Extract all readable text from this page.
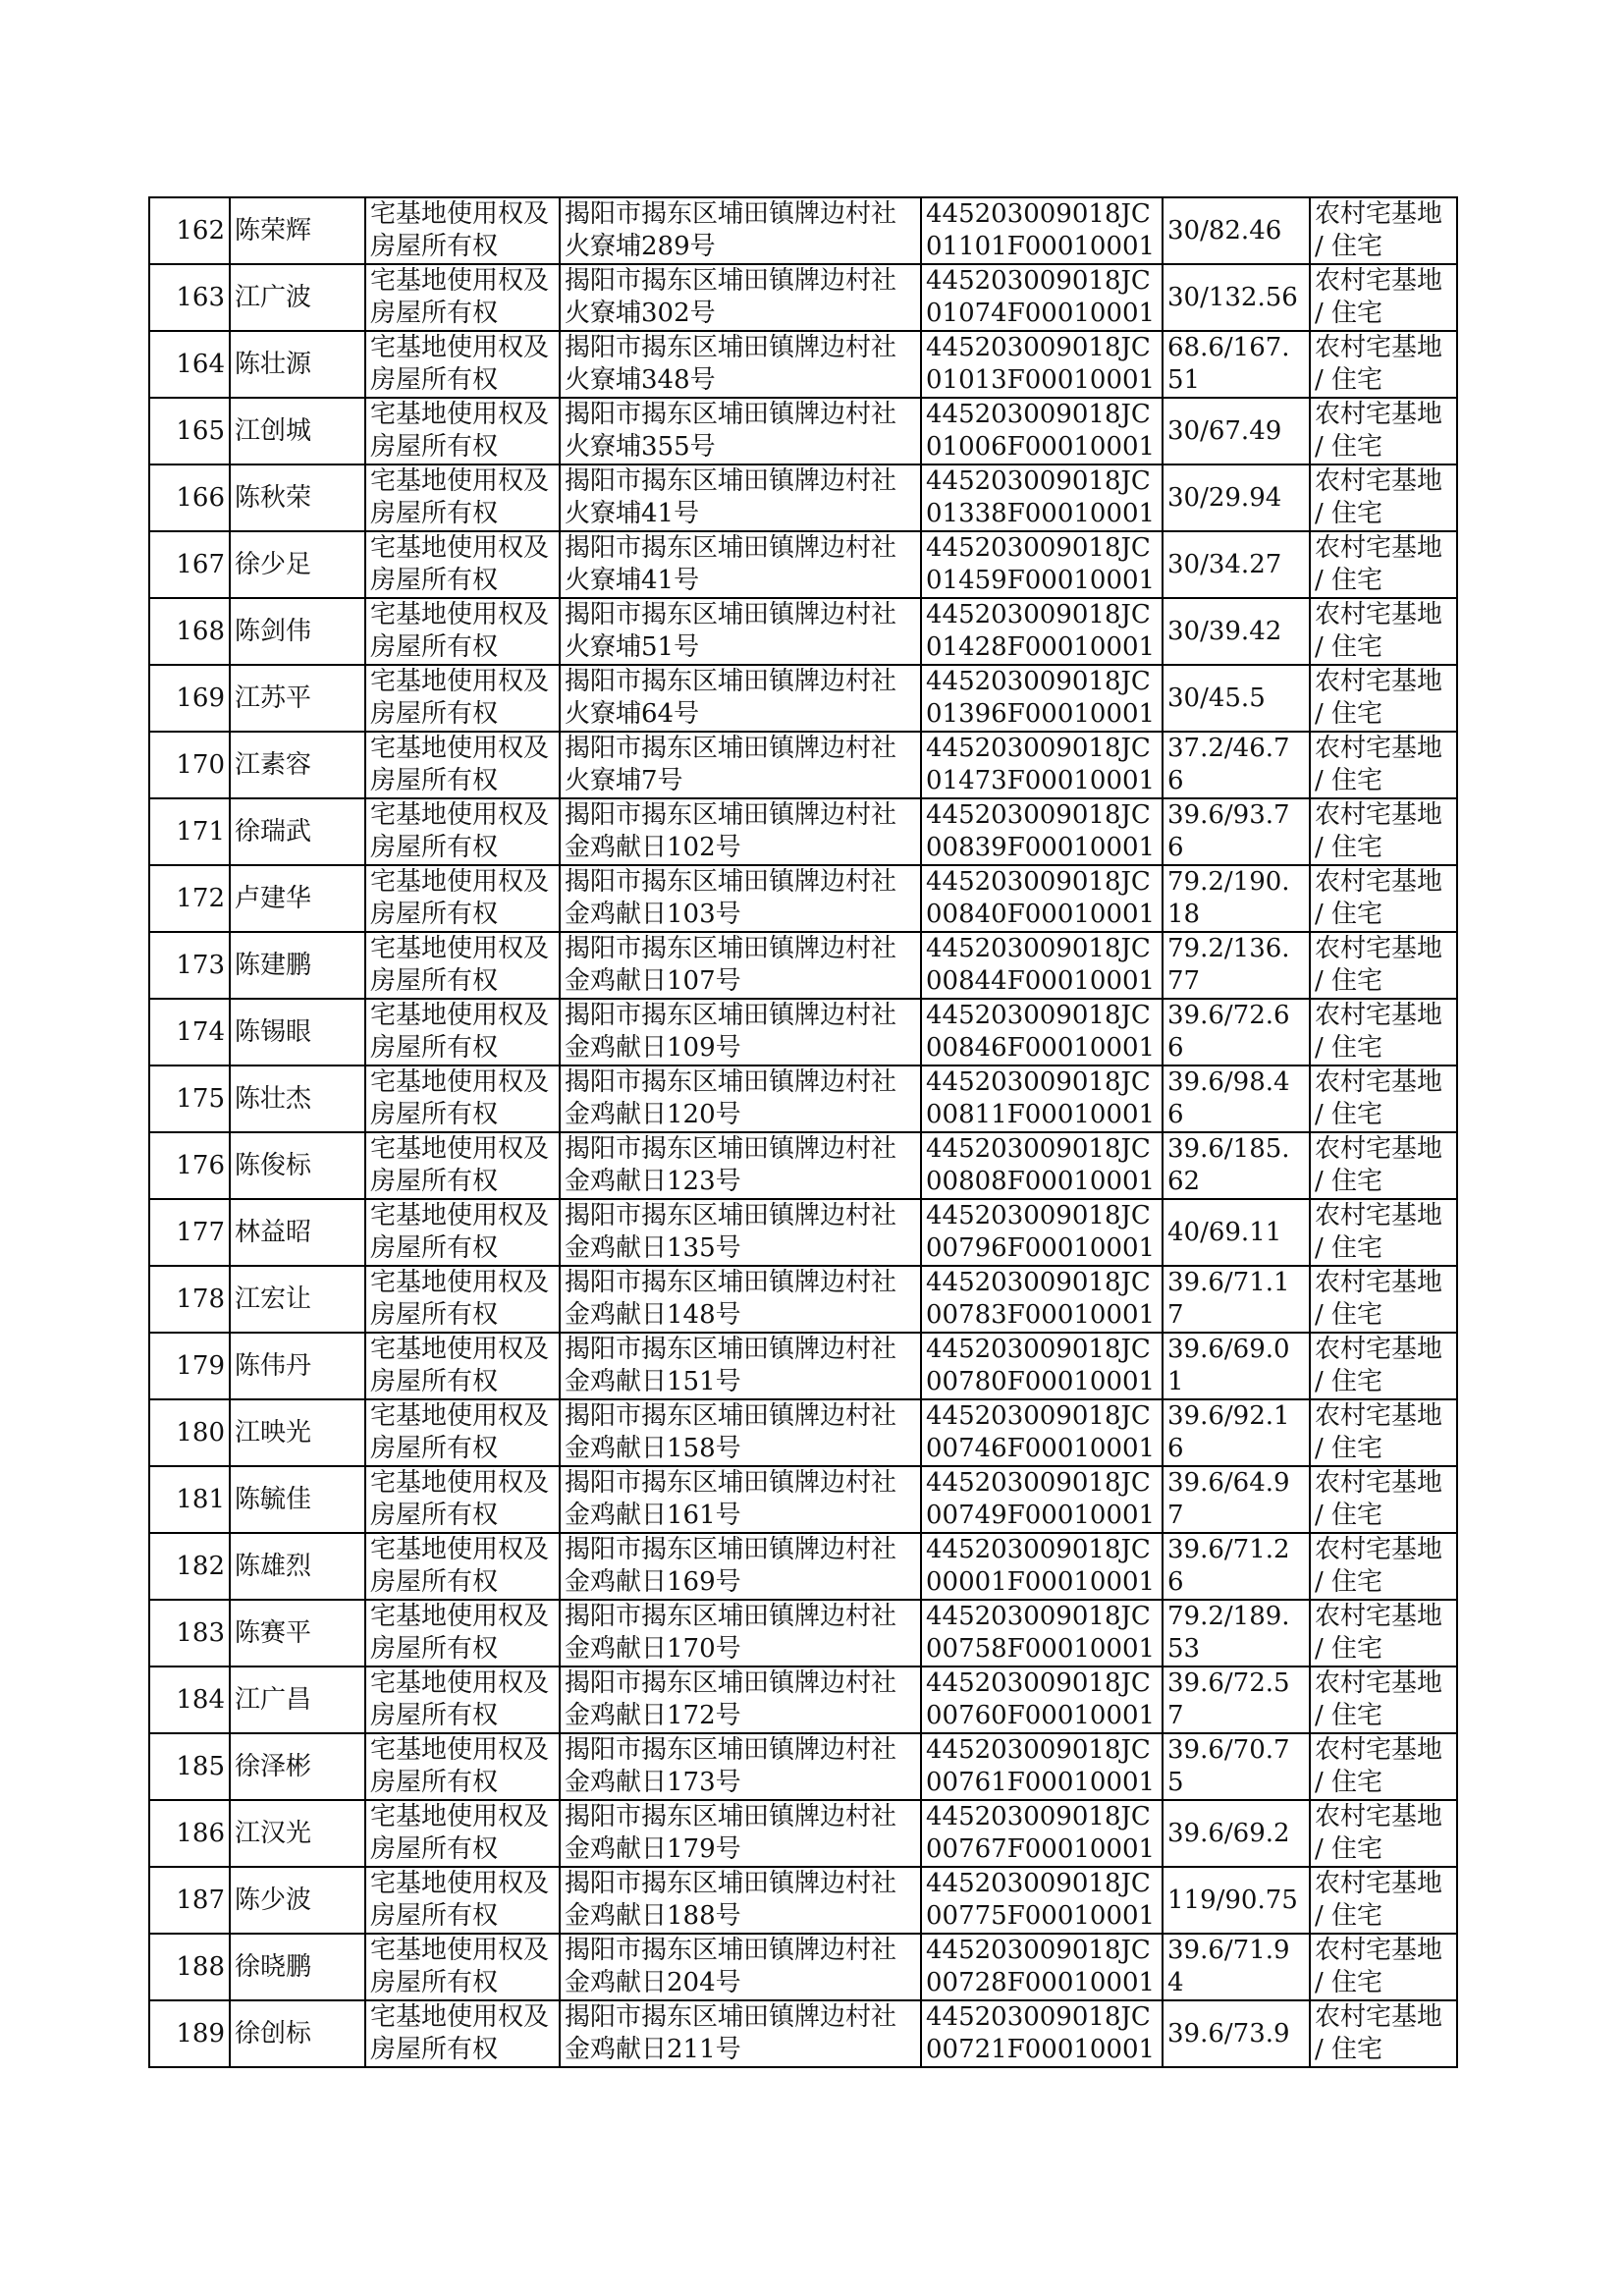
162	陈荣辉	宅基地使用权及房屋所有权	揭阳市揭东区埔田镇牌边村社火寮埔289号	445203009018JC01101F00010001	30/82.46	农村宅基地 / 住宅
163	江广波	宅基地使用权及房屋所有权	揭阳市揭东区埔田镇牌边村社火寮埔302号	445203009018JC01074F00010001	30/132.56	农村宅基地 / 住宅
164	陈壮源	宅基地使用权及房屋所有权	揭阳市揭东区埔田镇牌边村社火寮埔348号	445203009018JC01013F00010001	68.6/167.51	农村宅基地 / 住宅
165	江创城	宅基地使用权及房屋所有权	揭阳市揭东区埔田镇牌边村社火寮埔355号	445203009018JC01006F00010001	30/67.49	农村宅基地 / 住宅
166	陈秋荣	宅基地使用权及房屋所有权	揭阳市揭东区埔田镇牌边村社火寮埔41号	445203009018JC01338F00010001	30/29.94	农村宅基地 / 住宅
167	徐少足	宅基地使用权及房屋所有权	揭阳市揭东区埔田镇牌边村社火寮埔41号	445203009018JC01459F00010001	30/34.27	农村宅基地 / 住宅
168	陈剑伟	宅基地使用权及房屋所有权	揭阳市揭东区埔田镇牌边村社火寮埔51号	445203009018JC01428F00010001	30/39.42	农村宅基地 / 住宅
169	江苏平	宅基地使用权及房屋所有权	揭阳市揭东区埔田镇牌边村社火寮埔64号	445203009018JC01396F00010001	30/45.5	农村宅基地 / 住宅
170	江素容	宅基地使用权及房屋所有权	揭阳市揭东区埔田镇牌边村社火寮埔7号	445203009018JC01473F00010001	37.2/46.76	农村宅基地 / 住宅
171	徐瑞武	宅基地使用权及房屋所有权	揭阳市揭东区埔田镇牌边村社金鸡献日102号	445203009018JC00839F00010001	39.6/93.76	农村宅基地 / 住宅
172	卢建华	宅基地使用权及房屋所有权	揭阳市揭东区埔田镇牌边村社金鸡献日103号	445203009018JC00840F00010001	79.2/190.18	农村宅基地 / 住宅
173	陈建鹏	宅基地使用权及房屋所有权	揭阳市揭东区埔田镇牌边村社金鸡献日107号	445203009018JC00844F00010001	79.2/136.77	农村宅基地 / 住宅
174	陈锡眼	宅基地使用权及房屋所有权	揭阳市揭东区埔田镇牌边村社金鸡献日109号	445203009018JC00846F00010001	39.6/72.66	农村宅基地 / 住宅
175	陈壮杰	宅基地使用权及房屋所有权	揭阳市揭东区埔田镇牌边村社金鸡献日120号	445203009018JC00811F00010001	39.6/98.46	农村宅基地 / 住宅
176	陈俊标	宅基地使用权及房屋所有权	揭阳市揭东区埔田镇牌边村社金鸡献日123号	445203009018JC00808F00010001	39.6/185.62	农村宅基地 / 住宅
177	林益昭	宅基地使用权及房屋所有权	揭阳市揭东区埔田镇牌边村社金鸡献日135号	445203009018JC00796F00010001	40/69.11	农村宅基地 / 住宅
178	江宏让	宅基地使用权及房屋所有权	揭阳市揭东区埔田镇牌边村社金鸡献日148号	445203009018JC00783F00010001	39.6/71.17	农村宅基地 / 住宅
179	陈伟丹	宅基地使用权及房屋所有权	揭阳市揭东区埔田镇牌边村社金鸡献日151号	445203009018JC00780F00010001	39.6/69.01	农村宅基地 / 住宅
180	江映光	宅基地使用权及房屋所有权	揭阳市揭东区埔田镇牌边村社金鸡献日158号	445203009018JC00746F00010001	39.6/92.16	农村宅基地 / 住宅
181	陈毓佳	宅基地使用权及房屋所有权	揭阳市揭东区埔田镇牌边村社金鸡献日161号	445203009018JC00749F00010001	39.6/64.97	农村宅基地 / 住宅
182	陈雄烈	宅基地使用权及房屋所有权	揭阳市揭东区埔田镇牌边村社金鸡献日169号	445203009018JC00001F00010001	39.6/71.26	农村宅基地 / 住宅
183	陈赛平	宅基地使用权及房屋所有权	揭阳市揭东区埔田镇牌边村社金鸡献日170号	445203009018JC00758F00010001	79.2/189.53	农村宅基地 / 住宅
184	江广昌	宅基地使用权及房屋所有权	揭阳市揭东区埔田镇牌边村社金鸡献日172号	445203009018JC00760F00010001	39.6/72.57	农村宅基地 / 住宅
185	徐泽彬	宅基地使用权及房屋所有权	揭阳市揭东区埔田镇牌边村社金鸡献日173号	445203009018JC00761F00010001	39.6/70.75	农村宅基地 / 住宅
186	江汉光	宅基地使用权及房屋所有权	揭阳市揭东区埔田镇牌边村社金鸡献日179号	445203009018JC00767F00010001	39.6/69.2	农村宅基地 / 住宅
187	陈少波	宅基地使用权及房屋所有权	揭阳市揭东区埔田镇牌边村社金鸡献日188号	445203009018JC00775F00010001	119/90.75	农村宅基地 / 住宅
188	徐晓鹏	宅基地使用权及房屋所有权	揭阳市揭东区埔田镇牌边村社金鸡献日204号	445203009018JC00728F00010001	39.6/71.94	农村宅基地 / 住宅
189	徐创标	宅基地使用权及房屋所有权	揭阳市揭东区埔田镇牌边村社金鸡献日211号	445203009018JC00721F00010001	39.6/73.9	农村宅基地 / 住宅
